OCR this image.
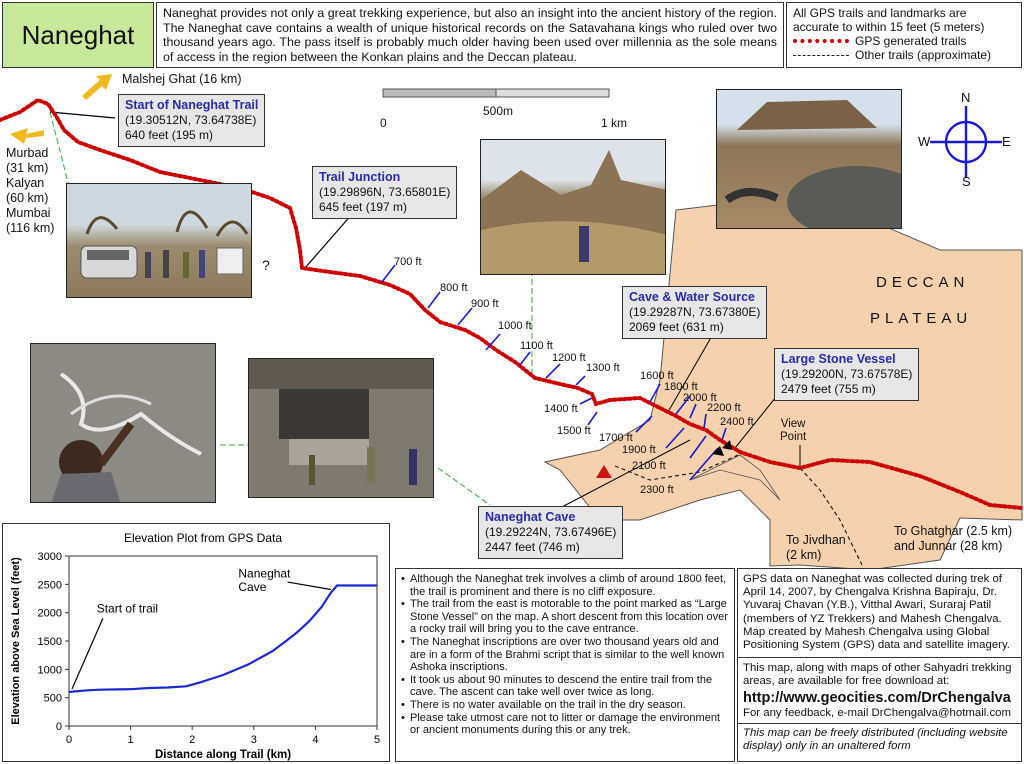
Naneghat
Naneghat provides not only a great trekking experience, but also an insight into the ancient history of the region. The Naneghat cave contains a wealth of unique historical records on the Satavahana kings who ruled over two thousand years ago. The pass itself is probably much older having been used over millennia as the sole means of access in the region between the Konkan plains and the Deccan plateau.
All GPS trails and landmarks are
accurate to within 15 feet (5 meters)
GPS generated trails
Other trails (approximate)
0
500m
1 km
N
S
E
W
Malshej Ghat (16 km)
Murbad
(31 km)
Kalyan
(60 km)
Mumbai
(116 km)
DECCAN
PLATEAU
To Jivdhan
(2 km)
To Ghatghar (2.5 km)
and Junnar (28 km)
View
Point
?
Start of Naneghat Trail
(19.30512N, 73.64738E)
640 feet (195 m)
Trail Junction
(19.29896N, 73.65801E)
645 feet (197 m)
Cave & Water Source
(19.29287N, 73.67380E)
2069 feet (631 m)
Large Stone Vessel
(19.29200N, 73.67578E)
2479 feet (755 m)
Naneghat Cave
(19.29224N, 73.67496E)
2447 feet (746 m)
700 ft
800 ft
900 ft
1000 ft
1100 ft
1200 ft
1300 ft
1400 ft
1500 ft
1600 ft
1700 ft
1800 ft
1900 ft
2000 ft
2100 ft
2200 ft
2300 ft
2400 ft
Elevation Plot from GPS Data
0
500
1000
1500
2000
2500
3000
0	1	2	3	4	5
Distance along Trail (km)
Elevation above Sea Level (feet)	Start of trail
Naneghat
Cave
• Although the Naneghat trek involves a climb of around 1800 feet, the trail is prominent and there is no cliff exposure.
• The trail from the east is motorable to the point marked as “Large Stone Vessel” on the map. A short descent from this location over a rocky trail will bring you to the cave entrance.
• The Naneghat inscriptions are over two thousand years old and are in a form of the Brahmi script that is similar to the well known Ashoka inscriptions.
• It took us about 90 minutes to descend the entire trail from the cave. The ascent can take well over twice as long.
• There is no water available on the trail in the dry season.
• Please take utmost care not to litter or damage the environment or ancient monuments during this or any trek.
GPS data on Naneghat was collected during trek of April 14, 2007, by Chengalva Krishna Bapiraju, Dr. Yuvaraj Chavan (Y.B.), Vitthal Awari, Suraraj Patil (members of YZ Trekkers) and Mahesh Chengalva. Map created by Mahesh Chengalva using Global Positioning System (GPS) data and satellite imagery.
This map, along with maps of other Sahyadri trekking areas, are available for free download at:
http://www.geocities.com/DrChengalva
For any feedback, e-mail DrChengalva@hotmail.com
This map can be freely distributed (including website display) only in an unaltered form
